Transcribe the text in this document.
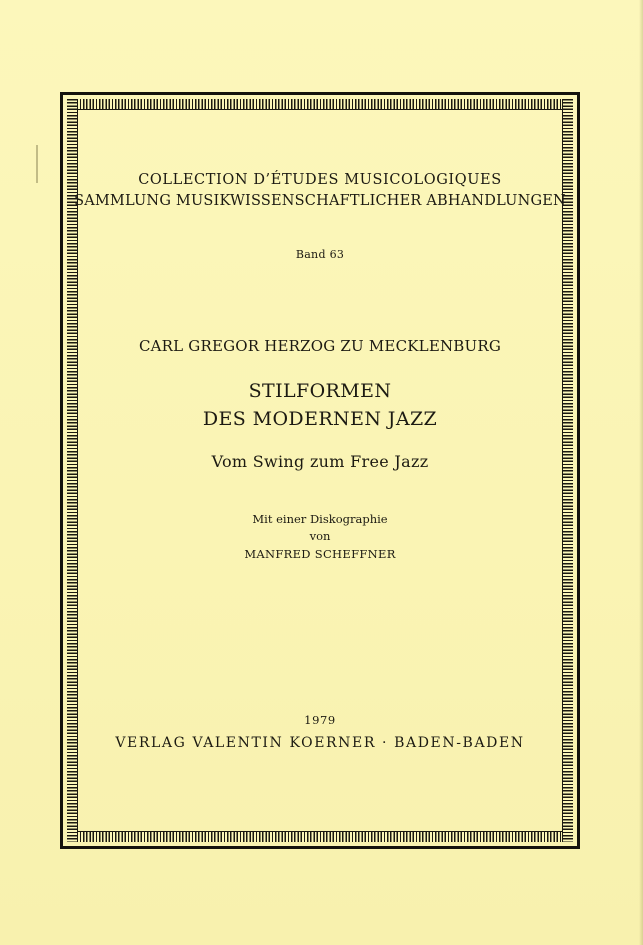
COLLECTION D’ÉTUDES MUSICOLOGIQUES
SAMMLUNG MUSIKWISSENSCHAFTLICHER ABHANDLUNGEN
Band 63
CARL GREGOR HERZOG ZU MECKLENBURG
STILFORMEN
DES MODERNEN JAZZ
Vom Swing zum Free Jazz
Mit einer Diskographie
von
MANFRED SCHEFFNER
1979
VERLAG VALENTIN KOERNER · BADEN-BADEN
